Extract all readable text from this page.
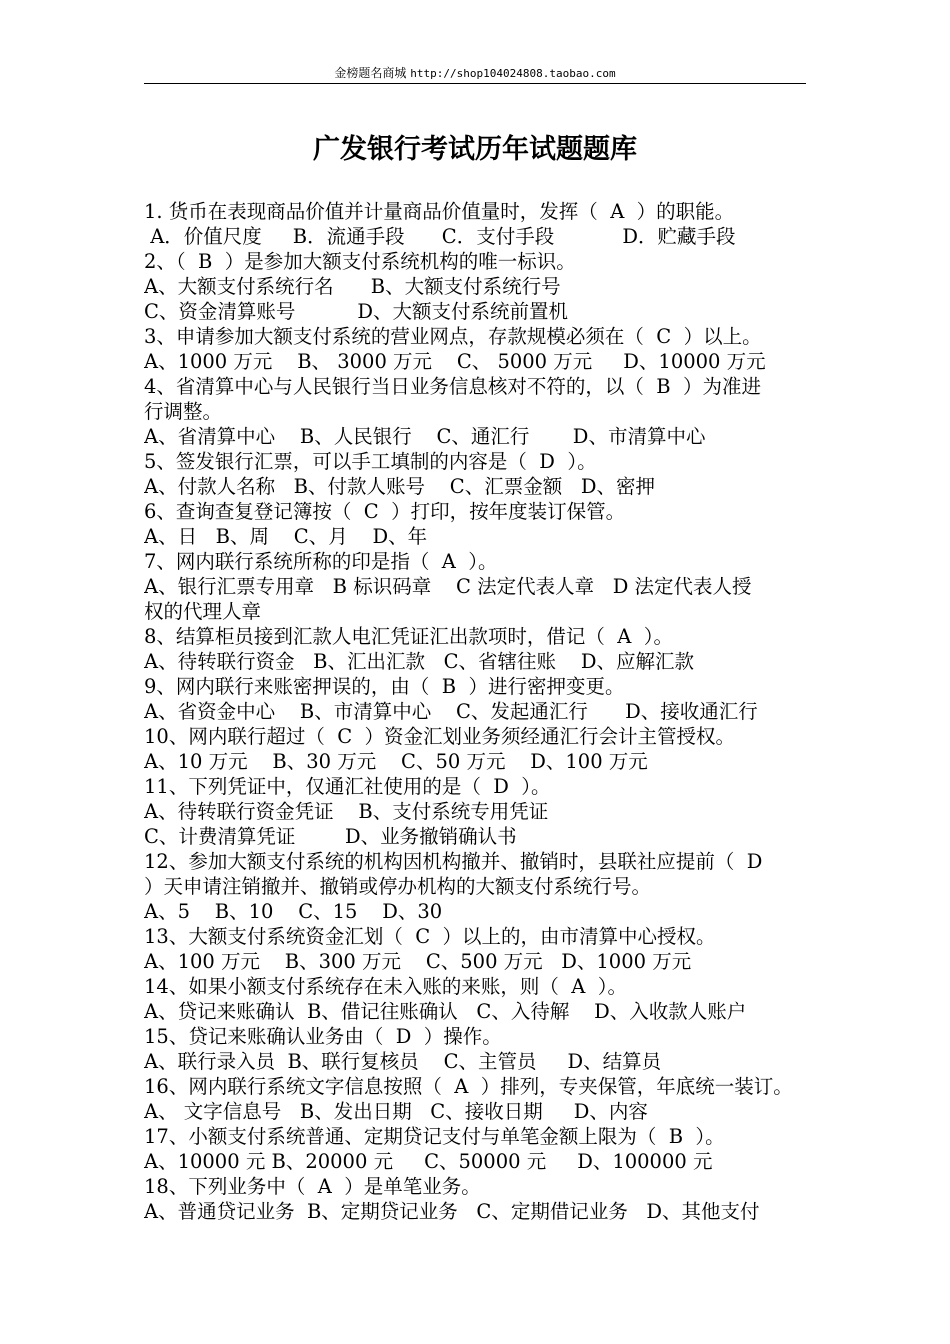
金榜题名商城 http://shop104024808.taobao.com
广发银行考试历年试题题库
1. 货币在表现商品价值并计量商品价值量时，发挥（  A  ）的职能。
A．价值尺度     B．流通手段      C．支付手段           D．贮藏手段
2、（  B  ）是参加大额支付系统机构的唯一标识。
A、大额支付系统行名      B、大额支付系统行号
C、资金清算账号          D、大额支付系统前置机
3、申请参加大额支付系统的营业网点，存款规模必须在（  C  ）以上。
A、1000 万元    B、 3000 万元    C、 5000 万元     D、10000 万元
4、省清算中心与人民银行当日业务信息核对不符的，以（  B  ）为准进
行调整。
A、省清算中心    B、人民银行    C、通汇行       D、市清算中心
5、签发银行汇票，可以手工填制的内容是（  D  ）。
A、付款人名称   B、付款人账号    C、汇票金额   D、密押
6、查询查复登记簿按（  C  ）打印，按年度装订保管。
A、日   B、周    C、月    D、年
7、网内联行系统所称的印是指（  A  ）。
A、银行汇票专用章   B 标识码章    C 法定代表人章   D 法定代表人授
权的代理人章
8、结算柜员接到汇款人电汇凭证汇出款项时，借记（  A  ）。
A、待转联行资金   B、汇出汇款   C、省辖往账    D、应解汇款
9、网内联行来账密押误的，由（  B  ）进行密押变更。
A、省资金中心    B、市清算中心    C、发起通汇行      D、接收通汇行
10、网内联行超过（  C  ）资金汇划业务须经通汇行会计主管授权。
A、10 万元    B、30 万元    C、50 万元    D、100 万元
11、下列凭证中，仅通汇社使用的是（  D  ）。
A、待转联行资金凭证    B、支付系统专用凭证
C、计费清算凭证        D、业务撤销确认书
12、参加大额支付系统的机构因机构撤并、撤销时，县联社应提前（  D
）天申请注销撤并、撤销或停办机构的大额支付系统行号。
A、5    B、10    C、15    D、30
13、大额支付系统资金汇划（  C  ）以上的，由市清算中心授权。
A、100 万元    B、300 万元    C、500 万元   D、1000 万元
14、如果小额支付系统存在未入账的来账，则（  A  ）。
A、贷记来账确认  B、借记往账确认   C、入待解    D、入收款人账户
15、贷记来账确认业务由（  D  ）操作。
A、联行录入员  B、联行复核员    C、主管员     D、结算员
16、网内联行系统文字信息按照（  A  ）排列，专夹保管，年底统一装订。
A、 文字信息号   B、发出日期   C、接收日期     D、内容
17、小额支付系统普通、定期贷记支付与单笔金额上限为（  B  ）。
A、10000 元 B、20000 元     C、50000 元     D、100000 元
18、下列业务中（  A  ）是单笔业务。
A、普通贷记业务  B、定期贷记业务   C、定期借记业务   D、其他支付
